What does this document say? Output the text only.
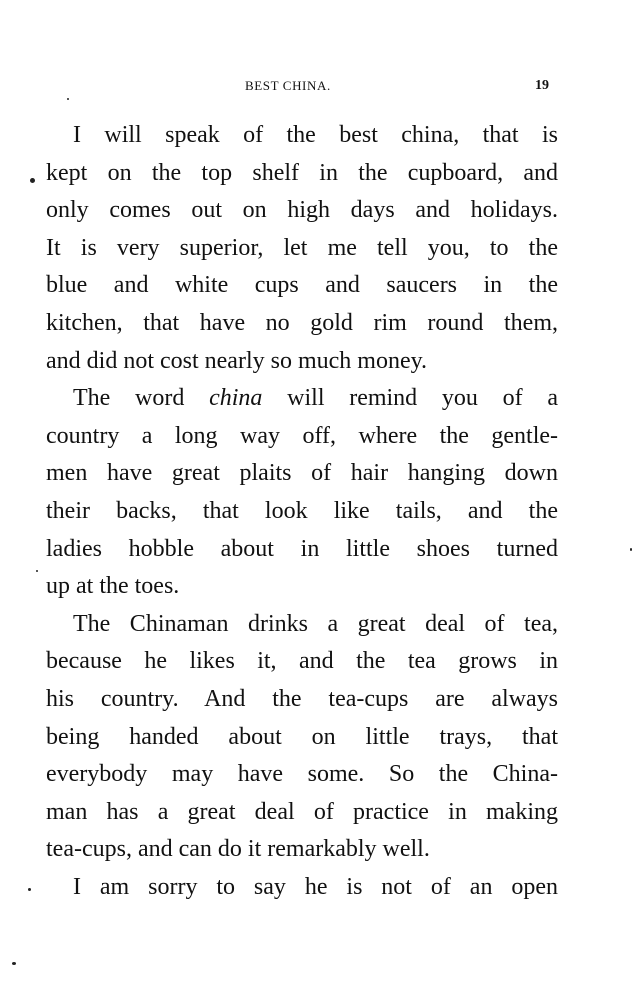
BEST CHINA.	19
I will speak of the best china, that is
kept on the top shelf in the cupboard, and
only comes out on high days and holidays.
It is very superior, let me tell you, to the
blue and white cups and saucers in the
kitchen, that have no gold rim round them,
and did not cost nearly so much money.
The word china will remind you of a
country a long way off, where the gentle-
men have great plaits of hair hanging down
their backs, that look like tails, and the
ladies hobble about in little shoes turned
up at the toes.
The Chinaman drinks a great deal of tea,
because he likes it, and the tea grows in
his country. And the tea-cups are always
being handed about on little trays, that
everybody may have some. So the China-
man has a great deal of practice in making
tea-cups, and can do it remarkably well.
I am sorry to say he is not of an open
